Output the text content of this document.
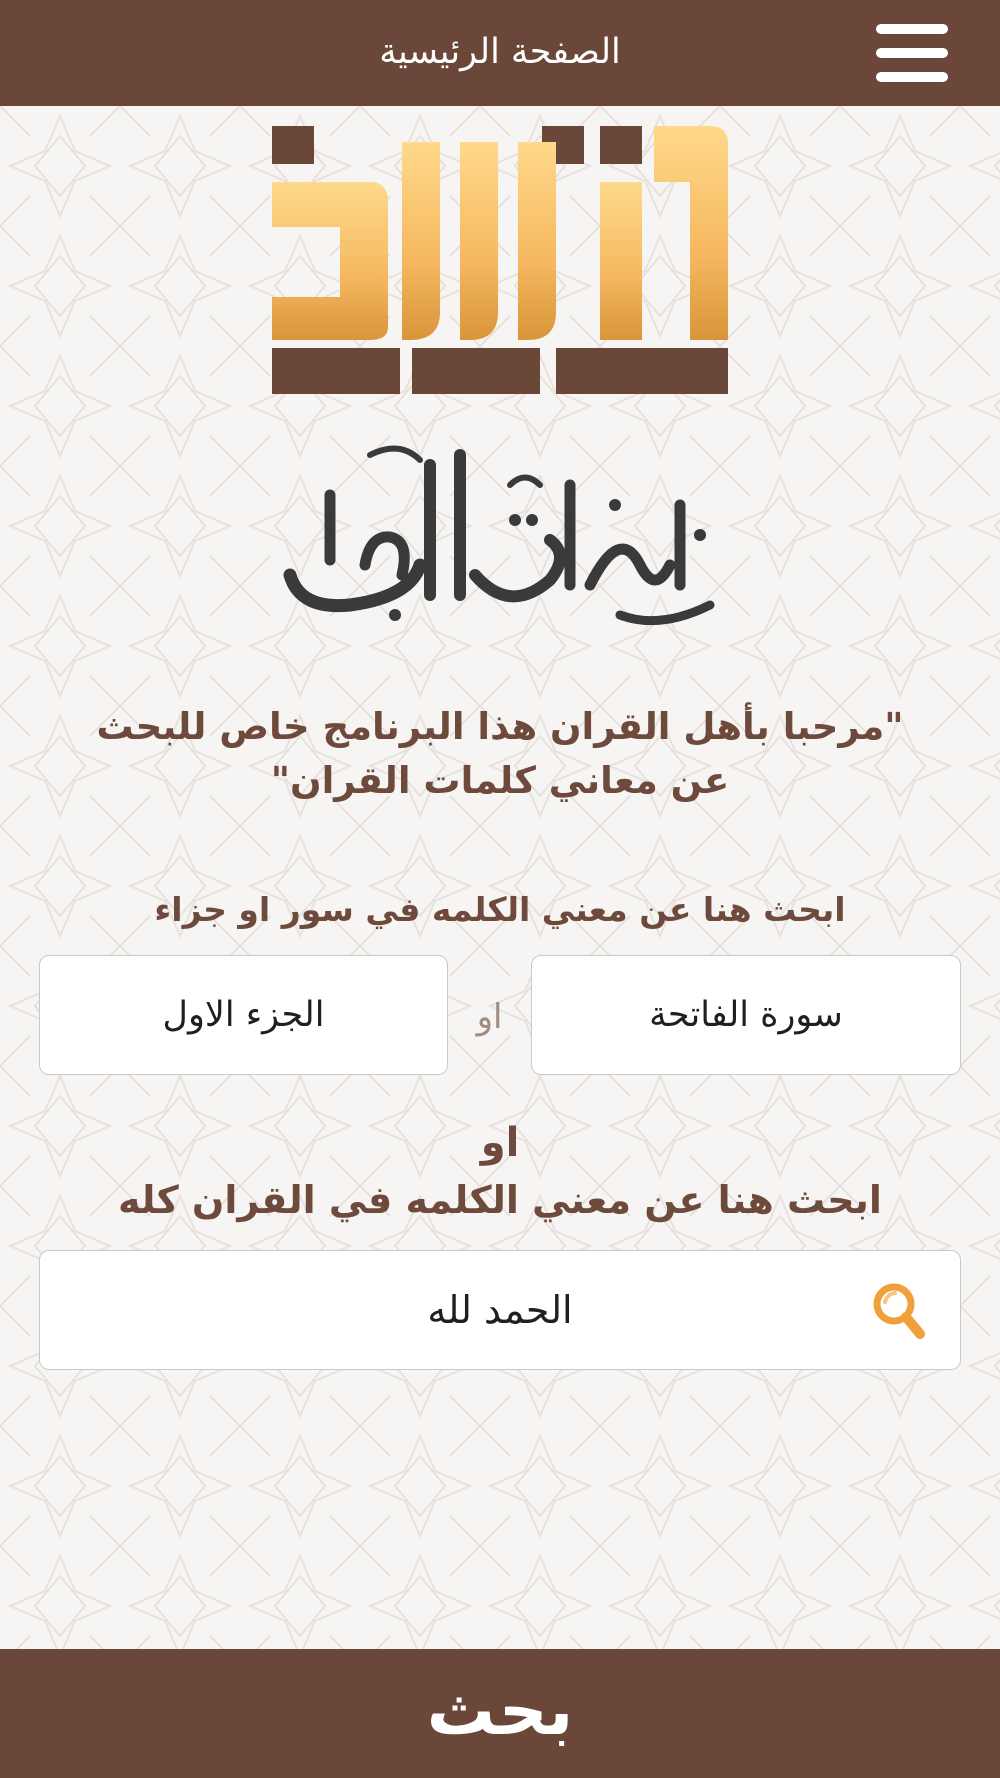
الصفحة الرئيسية
"مرحبا بأهل القران هذا البرنامج خاص للبحث عن معاني كلمات القران"
ابحث هنا عن معني الكلمه في سور او جزاء
سورة الفاتحة
او
الجزء الاول
او
ابحث هنا عن معني الكلمه في القران كله
الحمد لله
بحث
